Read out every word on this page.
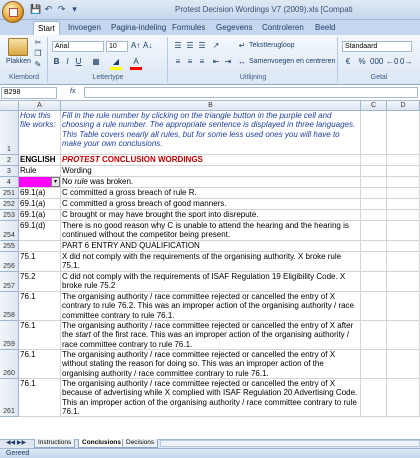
💾 ↶ ↷ ▾	Protest Decision Wordings V7 (2009).xls [Compati
Start	Invoegen	Pagina-indeling Formules	Gegevens	Controleren	Beeld
Plakken
✂
❐
✎
Klembord
Arial	10	A↑ A↓
B I U ▦	◢	A
Lettertype
☰ ☰ ☰ ↗
≡ ≡ ≡	⇤ ⇥
↵ Tekstterugloop
↔ Samenvoegen en centreren
Uitlijning
Standaard
€	% 000 ←0 0→
Getal
B298	fx
A	B	C	D
1
How this file works:
Fill in the rule number by clicking on the triangle button in the purple cell and choosing a rule number. The appropriate sentence is displayed in three languages. This Table covers nearly all rules, but for some less used ones you will have to make your own conclusions.
2	ENGLISH PROTEST CONCLUSION WORDINGS
3	Rule	Wording
4	▾ No rule was broken.
251 69.1(a)	C committed a gross breach of rule R.
252 69.1(a)	C committed a gross breach of good manners.
253 69.1(a)	C brought or may have brought the sport into disrepute.
254
69.1(d)	There is no good reason why C is unable to attend the hearing and the hearing is continued without the competitor being present.
255	PART 6 ENTRY AND QUALIFICATION
256
75.1	X did not comply with the requirements of the organising authority. X broke rule 75.1.
257
75.2	C did not comply with the requirements of ISAF Regulation 19 Eligibility Code. X broke rule 75.2
258
76.1	The organising authority / race committee rejected or cancelled the entry of X contrary to rule 76.2. This was an improper action of the organising authority / race committee contrary to rule 76.1.
259
76.1	The organising authority / race committee rejected or cancelled the entry of X after the start of the first race. This was an improper action of the organising authority / race committee contrary to rule 76.1.
260
76.1	The organising authority / race committee rejected or cancelled the entry of X without stating the reason for doing so. This was an improper action of the organising authority / race committee contrary to rule 76.1.
261
76.1	The organising authority / race committee rejected or cancelled the entry of X because of advertising while X complied with ISAF Regulation 20 Advertising Code. This an improper action of the organising authority / race committee contrary to rule 76.1.
◀◀ ▶▶	Instructions	Conclusions Decisions
Gereed
